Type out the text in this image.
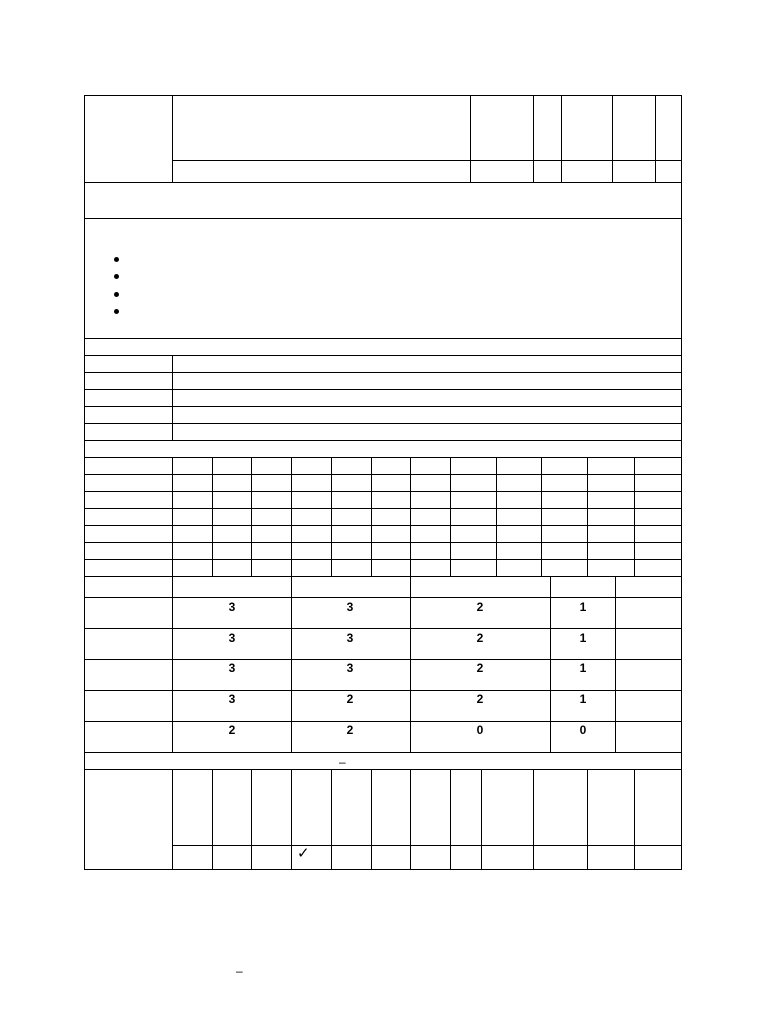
3	3	2	1
3	3	2	1
3	3	2	1
3	2	2	1
2	2	0	0
–
✓
–
